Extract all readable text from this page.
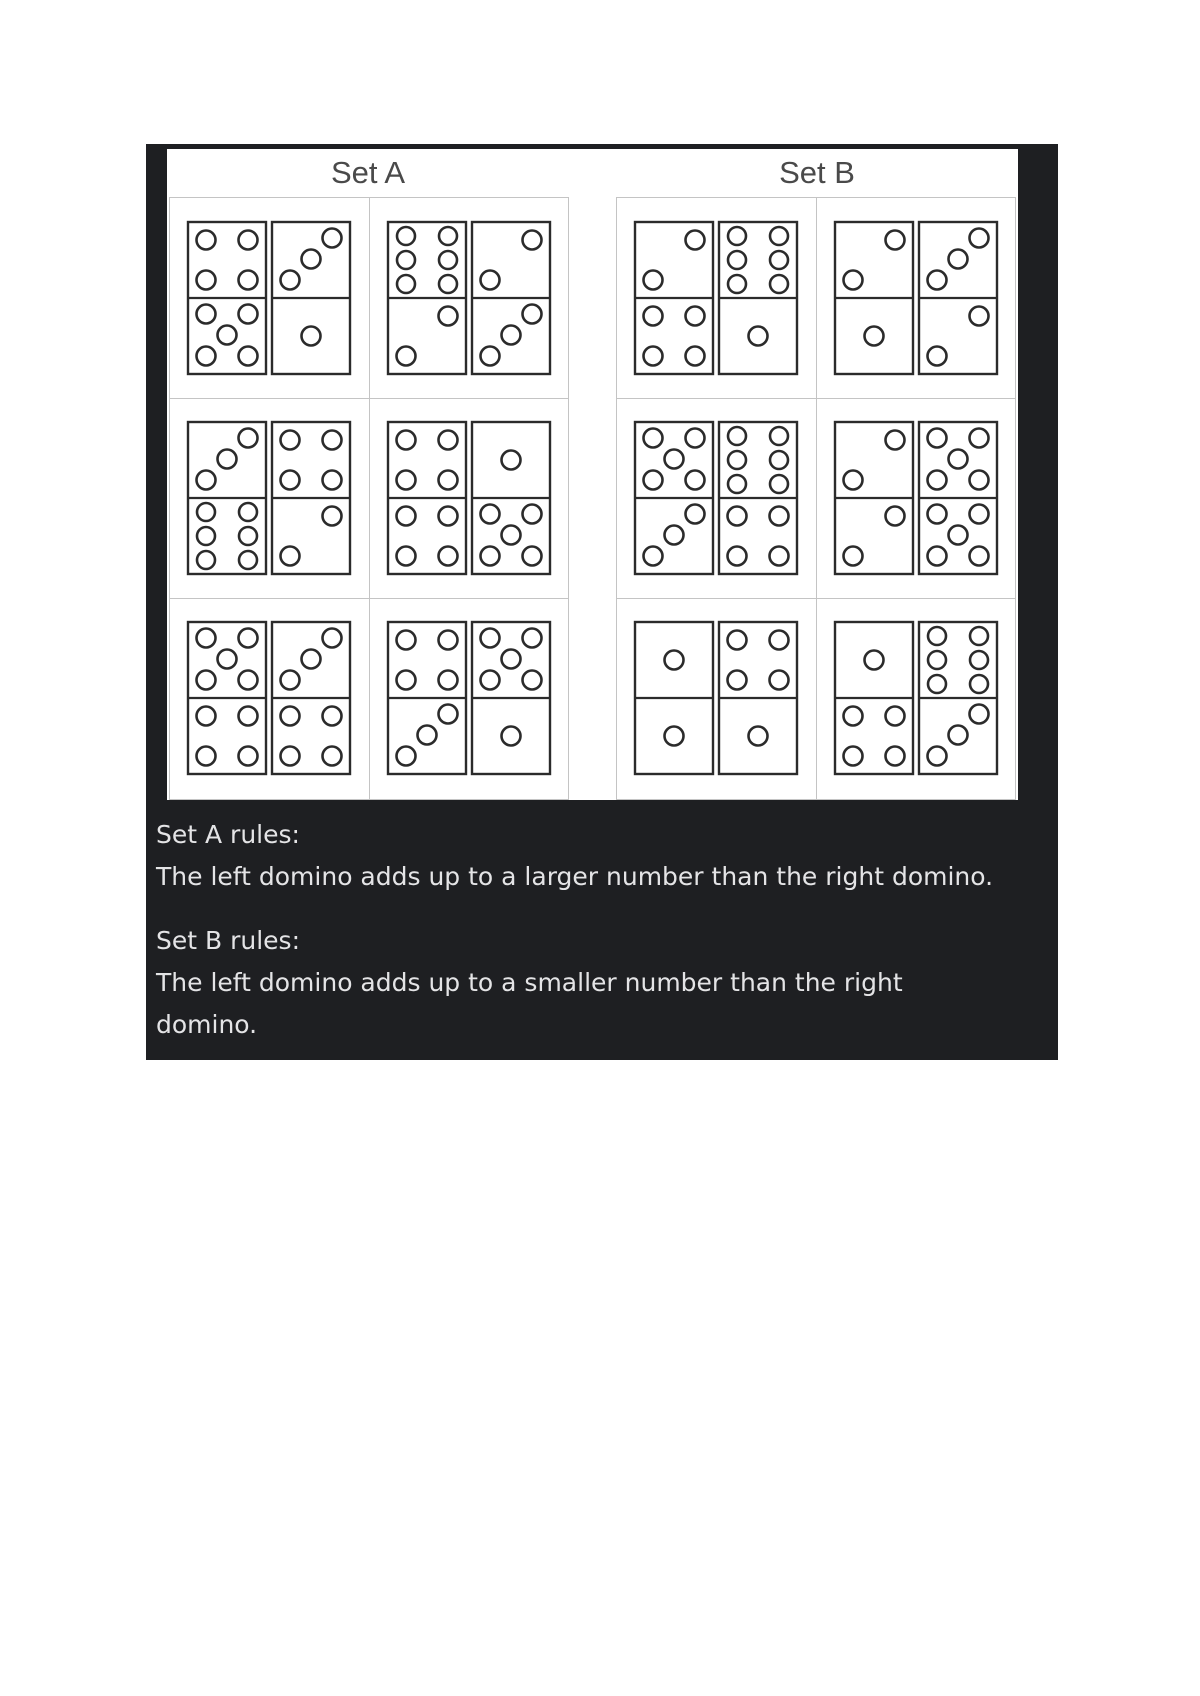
Set A	Set B
Set A rules:
The left domino adds up to a larger number than the right domino.
Set B rules:
The left domino adds up to a smaller number than the right
domino.
